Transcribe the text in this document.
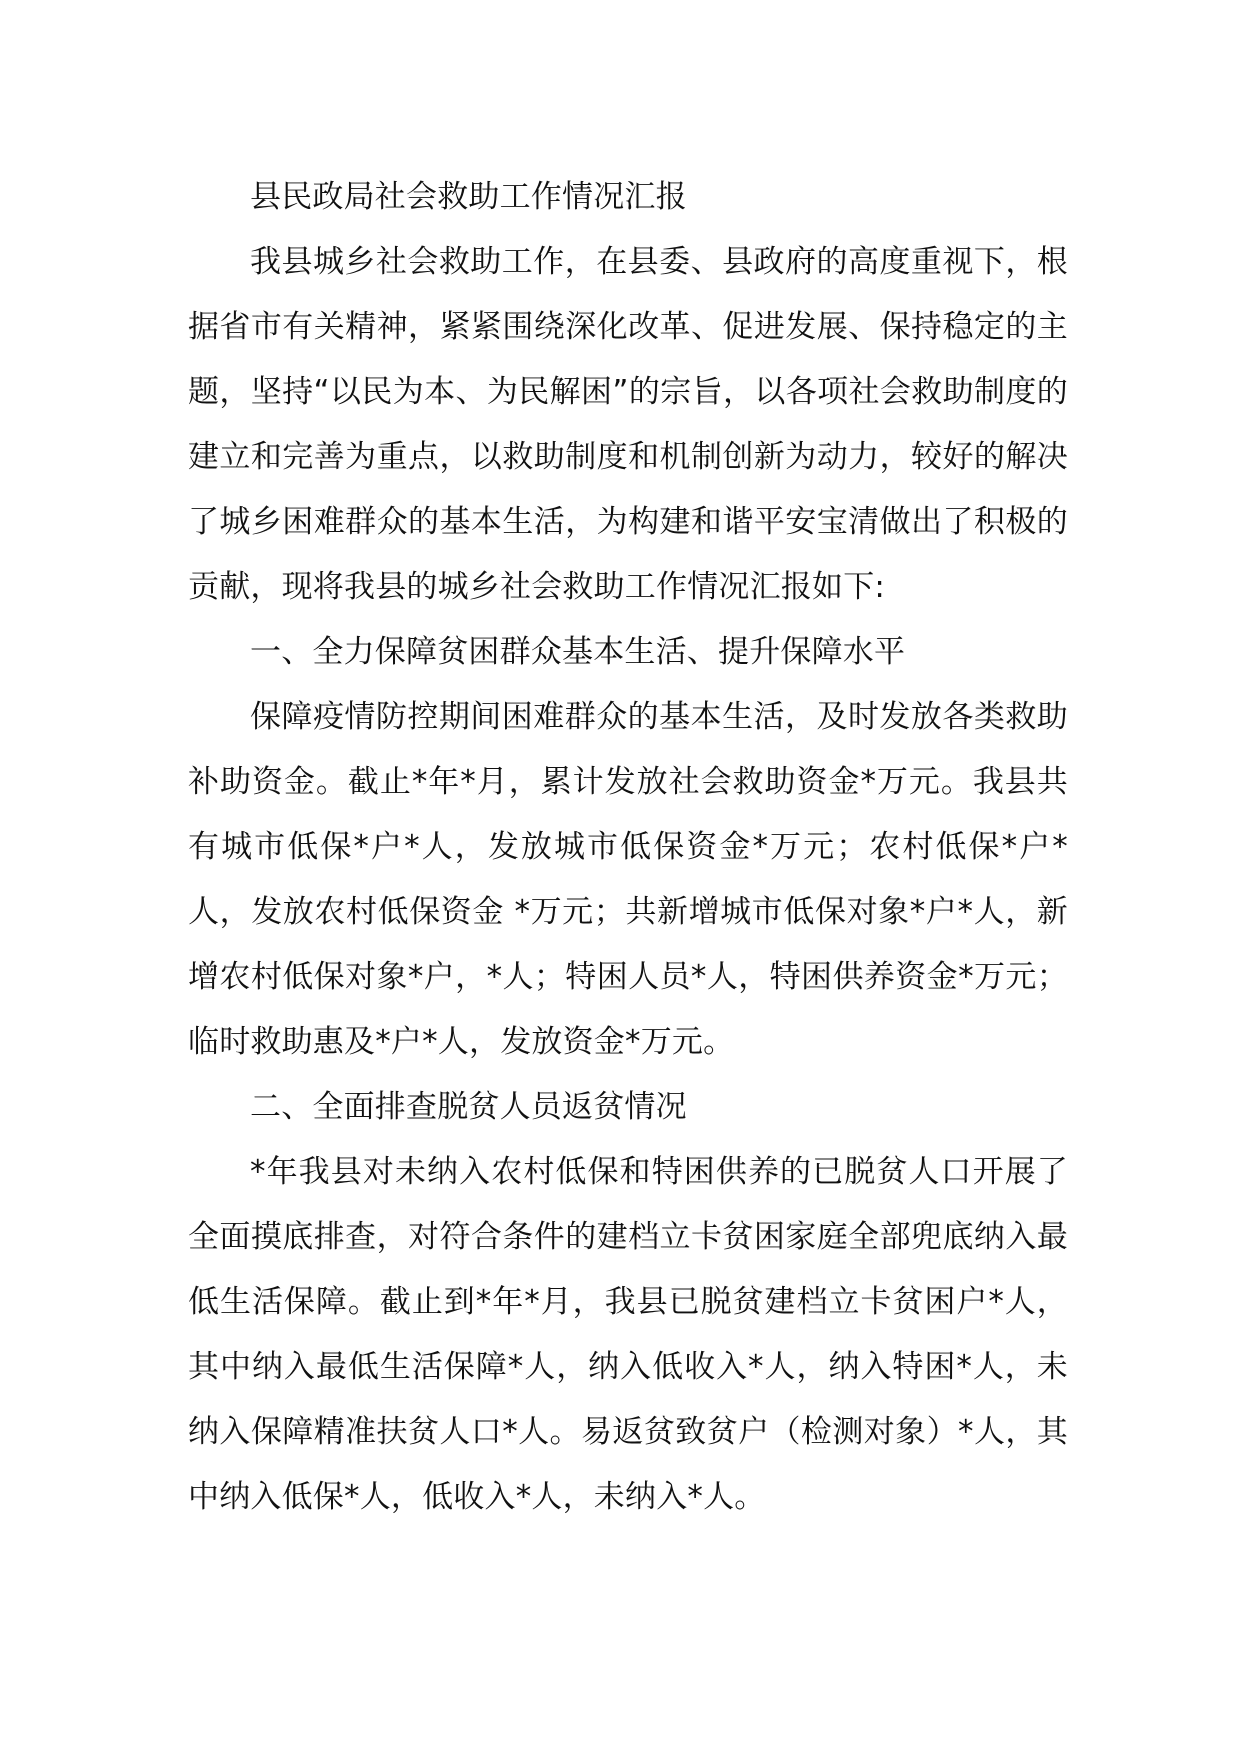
县民政局社会救助工作情况汇报

我县城乡社会救助工作，在县委、县政府的高度重视下，根据省市有关精神，紧紧围绕深化改革、促进发展、保持稳定的主题，坚持“以民为本、为民解困”的宗旨，以各项社会救助制度的建立和完善为重点，以救助制度和机制创新为动力，较好的解决了城乡困难群众的基本生活，为构建和谐平安宝清做出了积极的贡献，现将我县的城乡社会救助工作情况汇报如下:

一、全力保障贫困群众基本生活、提升保障水平

保障疫情防控期间困难群众的基本生活，及时发放各类救助补助资金。截止*年*月，累计发放社会救助资金*万元。我县共有城市低保*户*人，发放城市低保资金*万元；农村低保*户*人，发放农村低保资金 *万元；共新增城市低保对象*户*人，新增农村低保对象*户，*人；特困人员*人，特困供养资金*万元；临时救助惠及*户*人，发放资金*万元。

二、全面排查脱贫人员返贫情况

*年我县对未纳入农村低保和特困供养的已脱贫人口开展了全面摸底排查，对符合条件的建档立卡贫困家庭全部兜底纳入最低生活保障。截止到*年*月，我县已脱贫建档立卡贫困户*人，其中纳入最低生活保障*人，纳入低收入*人，纳入特困*人，未纳入保障精准扶贫人口*人。易返贫致贫户（检测对象）*人，其中纳入低保*人，低收入*人，未纳入*人。
